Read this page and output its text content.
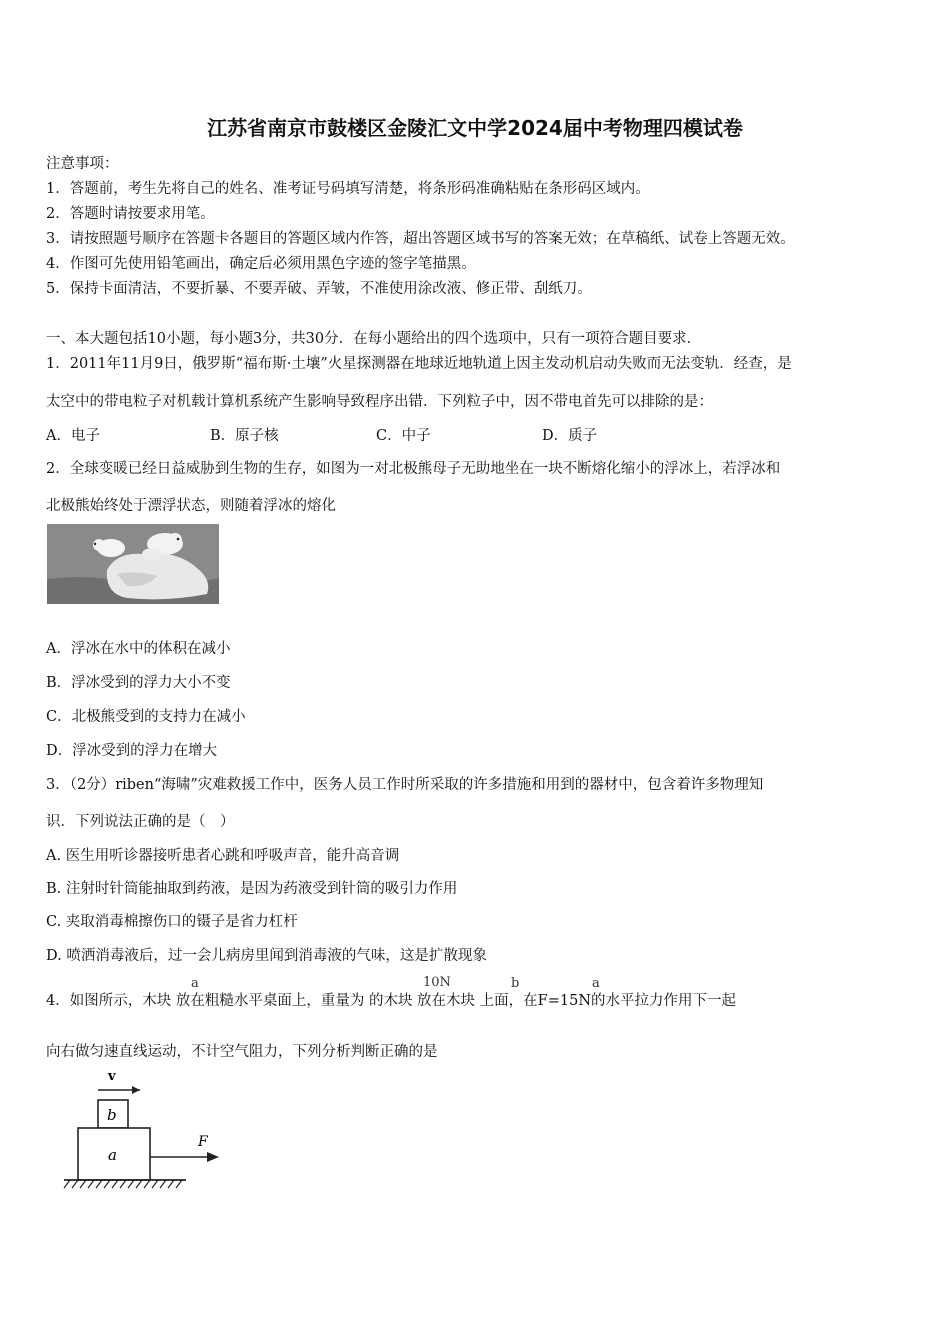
江苏省南京市鼓楼区金陵汇文中学2024届中考物理四模试卷
注意事项：
1．答题前，考生先将自己的姓名、准考证号码填写清楚，将条形码准确粘贴在条形码区域内。
2．答题时请按要求用笔。
3．请按照题号顺序在答题卡各题目的答题区域内作答，超出答题区域书写的答案无效；在草稿纸、试卷上答题无效。
4．作图可先使用铅笔画出，确定后必须用黑色字迹的签字笔描黑。
5．保持卡面清洁，不要折暴、不要弄破、弄皱，不准使用涂改液、修正带、刮纸刀。
一、本大题包括10小题，每小题3分，共30分．在每小题给出的四个选项中，只有一项符合题目要求．
1．2011年11月9日，俄罗斯“福布斯·土壤”火星探测器在地球近地轨道上因主发动机启动失败而无法变轨．经查，是
太空中的带电粒子对机载计算机系统产生影响导致程序出错．下列粒子中，因不带电首先可以排除的是：
A．电子	B．原子核	C．中子	D．质子
2．全球变暖已经日益威胁到生物的生存，如图为一对北极熊母子无助地坐在一块不断熔化缩小的浮冰上，若浮冰和
北极熊始终处于漂浮状态，则随着浮冰的熔化
A．浮冰在水中的体积在减小
B．浮冰受到的浮力大小不变
C．北极熊受到的支持力在减小
D．浮冰受到的浮力在增大
3．（2分）riben“海啸”灾难救援工作中，医务人员工作时所采取的许多措施和用到的器材中，包含着许多物理知
识．下列说法正确的是（　）
A. 医生用听诊器接听患者心跳和呼吸声音，能升高音调
B. 注射时针筒能抽取到药液，是因为药液受到针筒的吸引力作用
C. 夹取消毒棉擦伤口的镊子是省力杠杆
D. 喷洒消毒液后，过一会儿病房里闻到消毒液的气味，这是扩散现象
4．如图所示，木块 放在粗糙水平桌面上，重量为 的木块 放在木块 上面，在F=15N的水平拉力作用下一起
a	10N	b	a
向右做匀速直线运动，不计空气阻力，下列分析判断正确的是
v
b
a
F
